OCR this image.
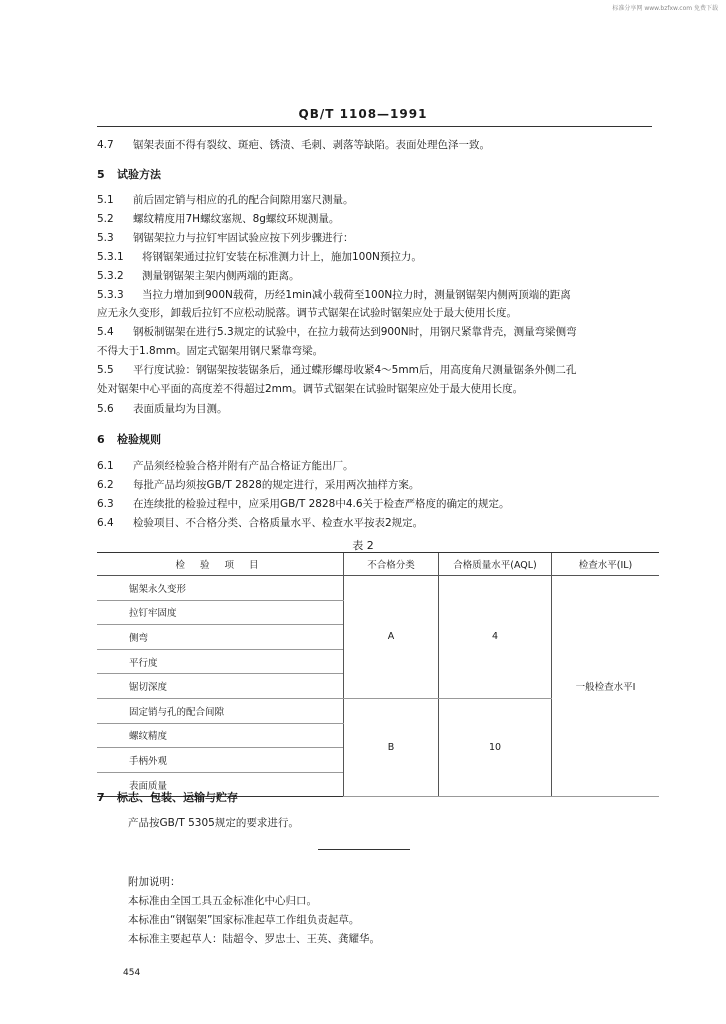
标准分享网 www.bzfxw.com 免费下载
QB/T 1108—1991
4.7 锯架表面不得有裂纹、斑疤、锈渍、毛刺、剥落等缺陷。表面处理色泽一致。
5 试验方法
5.1 前后固定销与相应的孔的配合间隙用塞尺测量。
5.2 螺纹精度用7H螺纹塞规、8g螺纹环规测量。
5.3 钢锯架拉力与拉钉牢固试验应按下列步骤进行：
5.3.1 将钢锯架通过拉钉安装在标准测力计上，施加100N预拉力。
5.3.2 测量钢锯架主架内侧两端的距离。
5.3.3 当拉力增加到900N载荷，历经1min减小载荷至100N拉力时，测量钢锯架内侧两顶端的距离
应无永久变形，卸载后拉钉不应松动脱落。调节式锯架在试验时锯架应处于最大使用长度。
5.4 钢板制锯架在进行5.3规定的试验中，在拉力载荷达到900N时，用钢尺紧靠背壳，测量弯梁侧弯
不得大于1.8mm。固定式锯架用钢尺紧靠弯梁。
5.5 平行度试验：钢锯架按装锯条后，通过蝶形螺母收紧4～5mm后，用高度角尺测量锯条外侧二孔
处对锯架中心平面的高度差不得超过2mm。调节式锯架在试验时锯架应处于最大使用长度。
5.6 表面质量均为目测。
6 检验规则
6.1 产品须经检验合格并附有产品合格证方能出厂。
6.2 每批产品均须按GB/T 2828的规定进行，采用两次抽样方案。
6.3 在连续批的检验过程中，应采用GB/T 2828中4.6关于检查严格度的确定的规定。
6.4 检验项目、不合格分类、合格质量水平、检查水平按表2规定。
表 2
检 验 项 目	不合格分类	合格质量水平(AQL)	检查水平(IL)
锯架永久变形	A	4	一般检查水平Ⅰ
拉钉牢固度			
侧弯			
平行度			
锯切深度			
固定销与孔的配合间隙	B	10	
螺纹精度			
手柄外观			
表面质量			
7 标志、包装、运输与贮存
产品按GB/T 5305规定的要求进行。
附加说明：
本标准由全国工具五金标准化中心归口。
本标准由“钢锯架”国家标准起草工作组负责起草。
本标准主要起草人：陆超令、罗忠士、王英、龚耀华。
454
